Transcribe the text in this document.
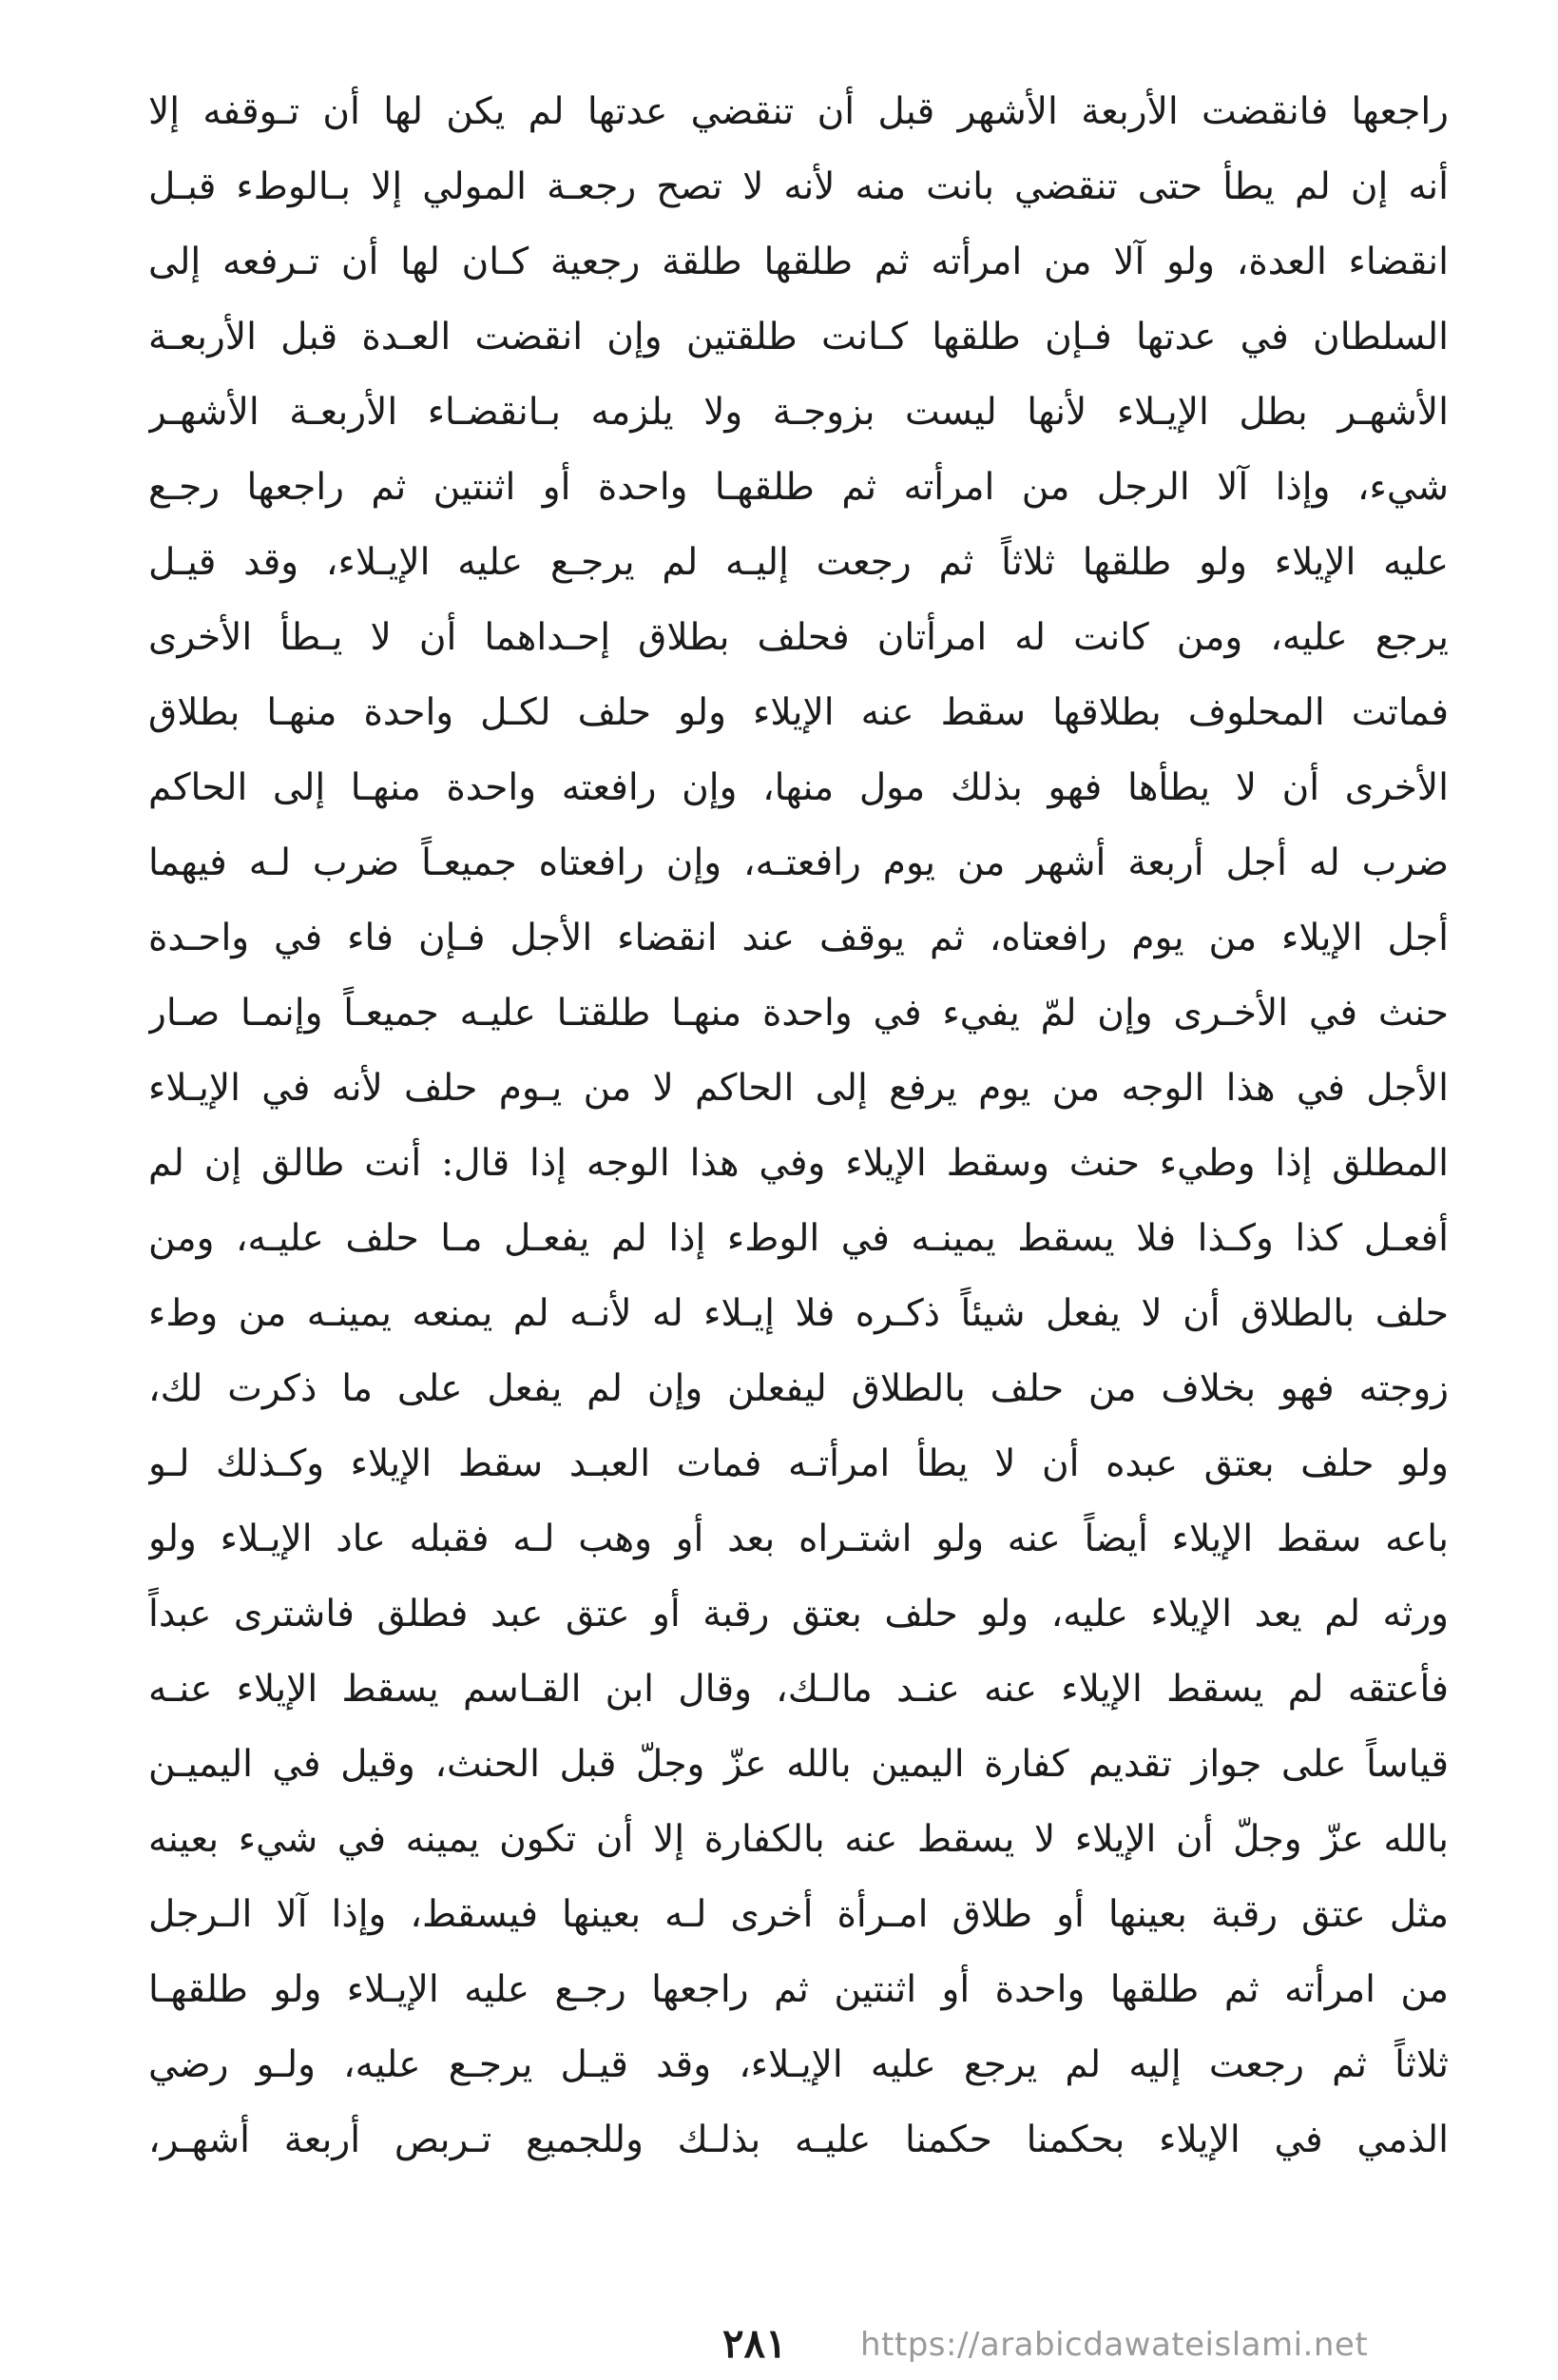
راجعها فانقضت الأربعة الأشهر قبل أن تنقضي عدتها لم يكن لها أن تـوقفه إلا
أنه إن لم يطأ حتى تنقضي بانت منه لأنه لا تصح رجعـة المولي إلا بـالوطء قبـل
انقضاء العدة، ولو آلا من امرأته ثم طلقها طلقة رجعية كـان لها أن تـرفعه إلى
السلطان في عدتها فـإن طلقها كـانت طلقتين وإن انقضت العـدة قبل الأربعـة
الأشهـر بطل الإيـلاء لأنها ليست بزوجـة ولا يلزمه بـانقضـاء الأربعـة الأشهـر
شيء، وإذا آلا الرجل من امرأته ثم طلقهـا واحدة أو اثنتين ثم راجعها رجـع
عليه الإيلاء ولو طلقها ثلاثاً ثم رجعت إليـه لم يرجـع عليه الإيـلاء، وقد قيـل
يرجع عليه، ومن كانت له امرأتان فحلف بطلاق إحـداهما أن لا يـطأ الأخرى
فماتت المحلوف بطلاقها سقط عنه الإيلاء ولو حلف لكـل واحدة منهـا بطلاق
الأخرى أن لا يطأها فهو بذلك مول منها، وإن رافعته واحدة منهـا إلى الحاكم
ضرب له أجل أربعة أشهر من يوم رافعتـه، وإن رافعتاه جميعـاً ضرب لـه فيهما
أجل الإيلاء من يوم رافعتاه، ثم يوقف عند انقضاء الأجل فـإن فاء في واحـدة
حنث في الأخـرى وإن لمّ يفيء في واحدة منهـا طلقتـا عليـه جميعـاً وإنمـا صـار
الأجل في هذا الوجه من يوم يرفع إلى الحاكم لا من يـوم حلف لأنه في الإيـلاء
المطلق إذا وطيء حنث وسقط الإيلاء وفي هذا الوجه إذا قال: أنت طالق إن لم
أفعـل كذا وكـذا فلا يسقط يمينـه في الوطء إذا لم يفعـل مـا حلف عليـه، ومن
حلف بالطلاق أن لا يفعل شيئاً ذكـره فلا إيـلاء له لأنـه لم يمنعه يمينـه من وطء
زوجته فهو بخلاف من حلف بالطلاق ليفعلن وإن لم يفعل على ما ذكرت لك،
ولو حلف بعتق عبده أن لا يطأ امرأتـه فمات العبـد سقط الإيلاء وكـذلك لـو
باعه سقط الإيلاء أيضاً عنه ولو اشتـراه بعد أو وهب لـه فقبله عاد الإيـلاء ولو
ورثه لم يعد الإيلاء عليه، ولو حلف بعتق رقبة أو عتق عبد فطلق فاشترى عبداً
فأعتقه لم يسقط الإيلاء عنه عنـد مالـك، وقال ابن القـاسم يسقط الإيلاء عنـه
قياساً على جواز تقديم كفارة اليمين بالله عزّ وجلّ قبل الحنث، وقيل في اليميـن
بالله عزّ وجلّ أن الإيلاء لا يسقط عنه بالكفارة إلا أن تكون يمينه في شيء بعينه
مثل عتق رقبة بعينها أو طلاق امـرأة أخرى لـه بعينها فيسقط، وإذا آلا الـرجل
من امرأته ثم طلقها واحدة أو اثنتين ثم راجعها رجـع عليه الإيـلاء ولو طلقهـا
ثلاثاً ثم رجعت إليه لم يرجع عليه الإيـلاء، وقد قيـل يرجـع عليه، ولـو رضي
الذمي في الإيلاء بحكمنا حكمنا عليـه بذلـك وللجميع تـربص أربعة أشهـر،
٢٨١ https://arabicdawateislami.net
